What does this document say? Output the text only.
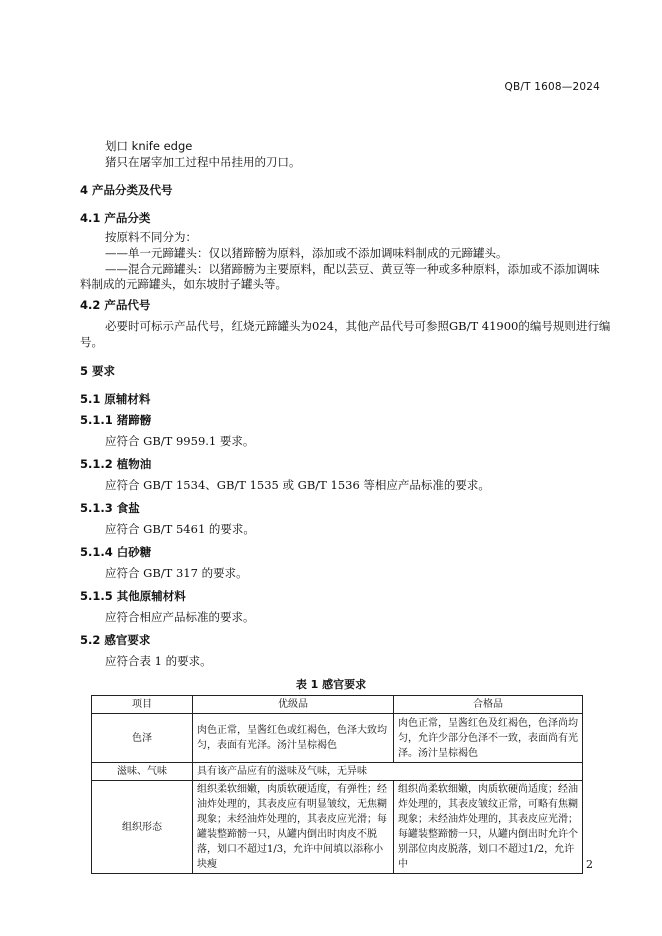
QB/T 1608—2024
划口 knife edge
猪只在屠宰加工过程中吊挂用的刀口。
4 产品分类及代号
4.1 产品分类
按原料不同分为：
——单一元蹄罐头：仅以猪蹄髈为原料，添加或不添加调味料制成的元蹄罐头。
——混合元蹄罐头：以猪蹄髈为主要原料，配以芸豆、黄豆等一种或多种原料，添加或不添加调味
料制成的元蹄罐头，如东坡肘子罐头等。
4.2 产品代号
必要时可标示产品代号，红烧元蹄罐头为024，其他产品代号可参照GB/T 41900的编号规则进行编
号。
5 要求
5.1 原辅材料
5.1.1 猪蹄髈
应符合 GB/T 9959.1 要求。
5.1.2 植物油
应符合 GB/T 1534、GB/T 1535 或 GB/T 1536 等相应产品标准的要求。
5.1.3 食盐
应符合 GB/T 5461 的要求。
5.1.4 白砂糖
应符合 GB/T 317 的要求。
5.1.5 其他原辅材料
应符合相应产品标准的要求。
5.2 感官要求
应符合表 1 的要求。
表 1 感官要求
项目	优级品	合格品
色泽	肉色正常，呈酱红色或红褐色，色泽大致均匀，表面有光泽。汤汁呈棕褐色	肉色正常，呈酱红色及红褐色，色泽尚均匀，允许少部分色泽不一致，表面尚有光泽。汤汁呈棕褐色
滋味、气味	具有该产品应有的滋味及气味，无异味	
组织形态	组织柔软细嫩，肉质软硬适度，有弹性；经油炸处理的，其表皮应有明显皱纹，无焦糊现象；未经油炸处理的，其表皮应光滑；每罐装整蹄髈一只，从罐内倒出时肉皮不脱落，划口不超过1/3，允许中间填以添称小块瘦	组织尚柔软细嫩，肉质软硬尚适度；经油炸处理的，其表皮皱纹正常，可略有焦糊现象；未经油炸处理的，其表皮应光滑；每罐装整蹄髈一只，从罐内倒出时允许个别部位肉皮脱落，划口不超过1/2，允许中	2
